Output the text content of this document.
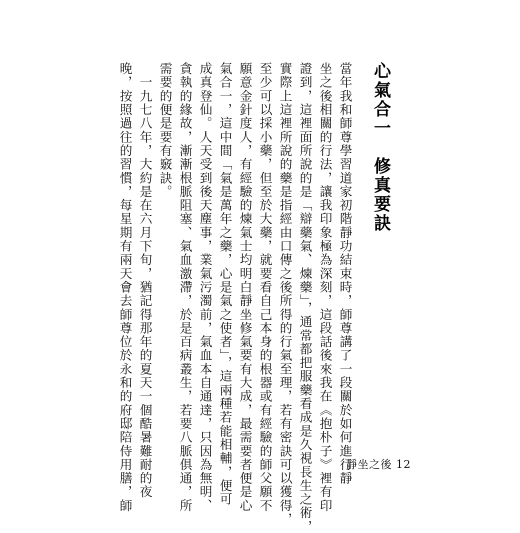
心氣合一　修真要訣
當年我和師尊學習道家初階靜功結束時，師尊講了一段關於如何進行靜
坐之後相關的行法，讓我印象極為深刻，這段話後來我在《抱朴子》裡有印
證到，這裡面所說的是「辯藥氣、煉藥」，通常都把服藥看成是久視長生之術，
實際上這裡所說的藥是指經由口傳之後所得的行氣至理，若有密訣可以獲得，
至少可以採小藥，但至於大藥，就要看自己本身的根器或有經驗的師父願不
願意金針度人，有經驗的煉氣士均明白靜坐修氣要有大成，最需要者便是心
氣合一，這中間「氣是萬年之藥，心是氣之使者」，這兩種若能相輔，便可
成真登仙。人天受到後天塵事，業氣污濁前，氣血本自通達，只因為無明、
貪執的緣故，漸漸根脈阻塞、氣血激滯，於是百病叢生，若要八脈俱通，所
需要的便是要有竅訣。
　一九七八年，大約是在六月下旬，猶記得那年的夏天一個酷暑難耐的夜
晚，按照過往的習慣，每星期有兩天會去師尊位於永和的府邸陪侍用膳，師	靜坐之後 12
